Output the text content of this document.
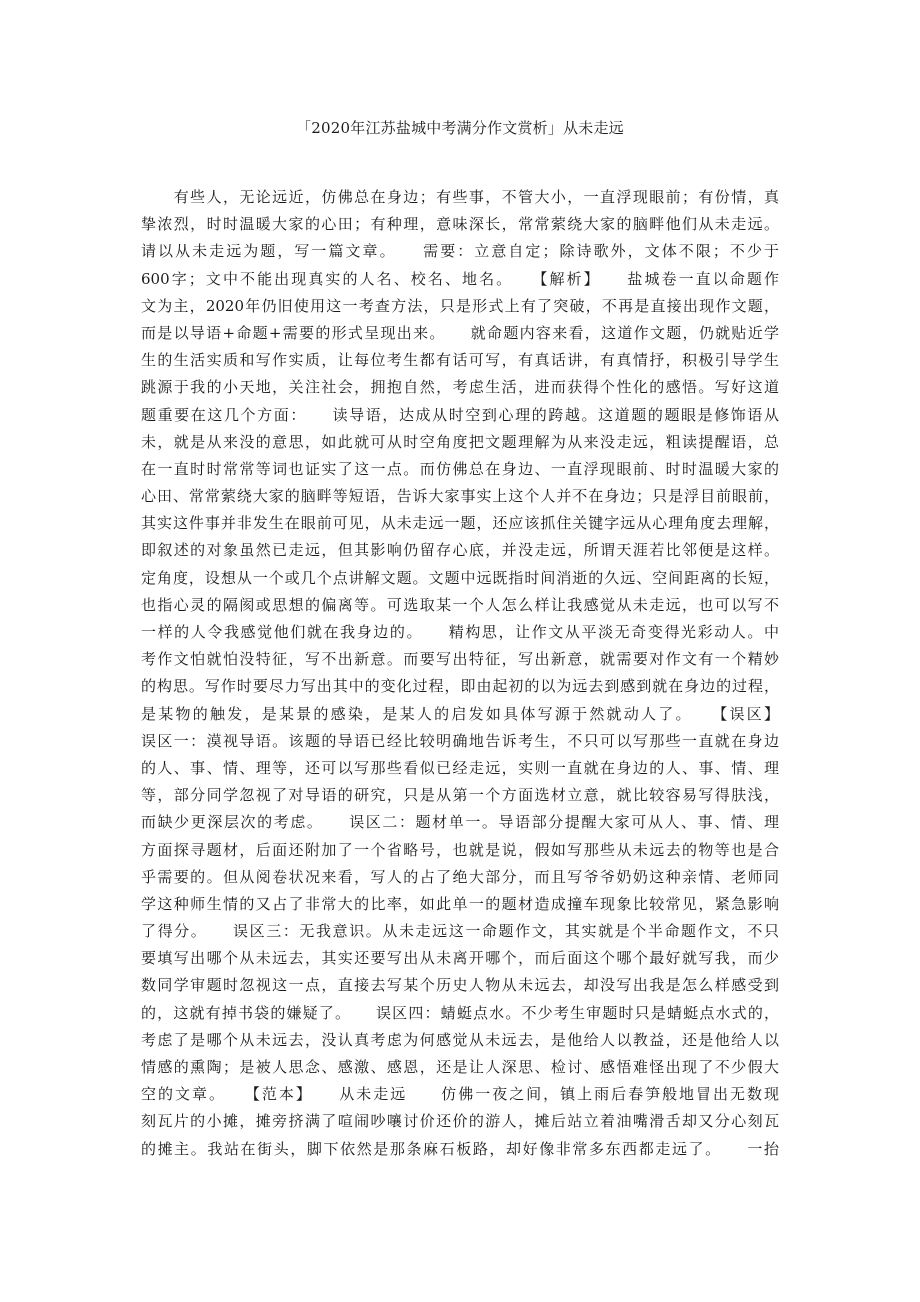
「2020年江苏盐城中考满分作文赏析」从未走远
　　有些人，无论远近，仿佛总在身边；有些事，不管大小，一直浮现眼前；有份情，真
挚浓烈，时时温暖大家的心田；有种理，意味深长，常常萦绕大家的脑畔他们从未走远。
请以从未走远为题，写一篇文章。　　需要：立意自定；除诗歌外，文体不限；不少于
600字；文中不能出现真实的人名、校名、地名。　　【解析】　　盐城卷一直以命题作
文为主，2020年仍旧使用这一考查方法，只是形式上有了突破，不再是直接出现作文题，
而是以导语+命题+需要的形式呈现出来。　　就命题内容来看，这道作文题，仍就贴近学
生的生活实质和写作实质，让每位考生都有话可写，有真话讲，有真情抒，积极引导学生
跳源于我的小天地，关注社会，拥抱自然，考虑生活，进而获得个性化的感悟。写好这道
题重要在这几个方面：　　读导语，达成从时空到心理的跨越。这道题的题眼是修饰语从
未，就是从来没的意思，如此就可从时空角度把文题理解为从来没走远，粗读提醒语，总
在一直时时常常等词也证实了这一点。而仿佛总在身边、一直浮现眼前、时时温暖大家的
心田、常常萦绕大家的脑畔等短语，告诉大家事实上这个人并不在身边；只是浮目前眼前，
其实这件事并非发生在眼前可见，从未走远一题，还应该抓住关键字远从心理角度去理解，
即叙述的对象虽然已走远，但其影响仍留存心底，并没走远，所谓天涯若比邻便是这样。
定角度，设想从一个或几个点讲解文题。文题中远既指时间消逝的久远、空间距离的长短，
也指心灵的隔阂或思想的偏离等。可选取某一个人怎么样让我感觉从未走远，也可以写不
一样的人令我感觉他们就在我身边的。　　精构思，让作文从平淡无奇变得光彩动人。中
考作文怕就怕没特征，写不出新意。而要写出特征，写出新意，就需要对作文有一个精妙
的构思。写作时要尽力写出其中的变化过程，即由起初的以为远去到感到就在身边的过程，
是某物的触发，是某景的感染，是某人的启发如具体写源于然就动人了。　　【误区】
误区一：漠视导语。该题的导语已经比较明确地告诉考生，不只可以写那些一直就在身边
的人、事、情、理等，还可以写那些看似已经走远，实则一直就在身边的人、事、情、理
等，部分同学忽视了对导语的研究，只是从第一个方面选材立意，就比较容易写得肤浅，
而缺少更深层次的考虑。　　误区二：题材单一。导语部分提醒大家可从人、事、情、理
方面探寻题材，后面还附加了一个省略号，也就是说，假如写那些从未远去的物等也是合
乎需要的。但从阅卷状况来看，写人的占了绝大部分，而且写爷爷奶奶这种亲情、老师同
学这种师生情的又占了非常大的比率，如此单一的题材造成撞车现象比较常见，紧急影响
了得分。　　误区三：无我意识。从未走远这一命题作文，其实就是个半命题作文，不只
要填写出哪个从未远去，其实还要写出从未离开哪个，而后面这个哪个最好就写我，而少
数同学审题时忽视这一点，直接去写某个历史人物从未远去，却没写出我是怎么样感受到
的，这就有掉书袋的嫌疑了。　　误区四：蜻蜓点水。不少考生审题时只是蜻蜓点水式的，
考虑了是哪个从未远去，没认真考虑为何感觉从未远去，是他给人以教益，还是他给人以
情感的熏陶；是被人思念、感激、感恩，还是让人深思、检讨、感悟难怪出现了不少假大
空的文章。　　【范本】　　从未走远　　仿佛一夜之间，镇上雨后春笋般地冒出无数现
刻瓦片的小摊，摊旁挤满了喧闹吵嚷讨价还价的游人，摊后站立着油嘴滑舌却又分心刻瓦
的摊主。我站在街头，脚下依然是那条麻石板路，却好像非常多东西都走远了。　　一抬
